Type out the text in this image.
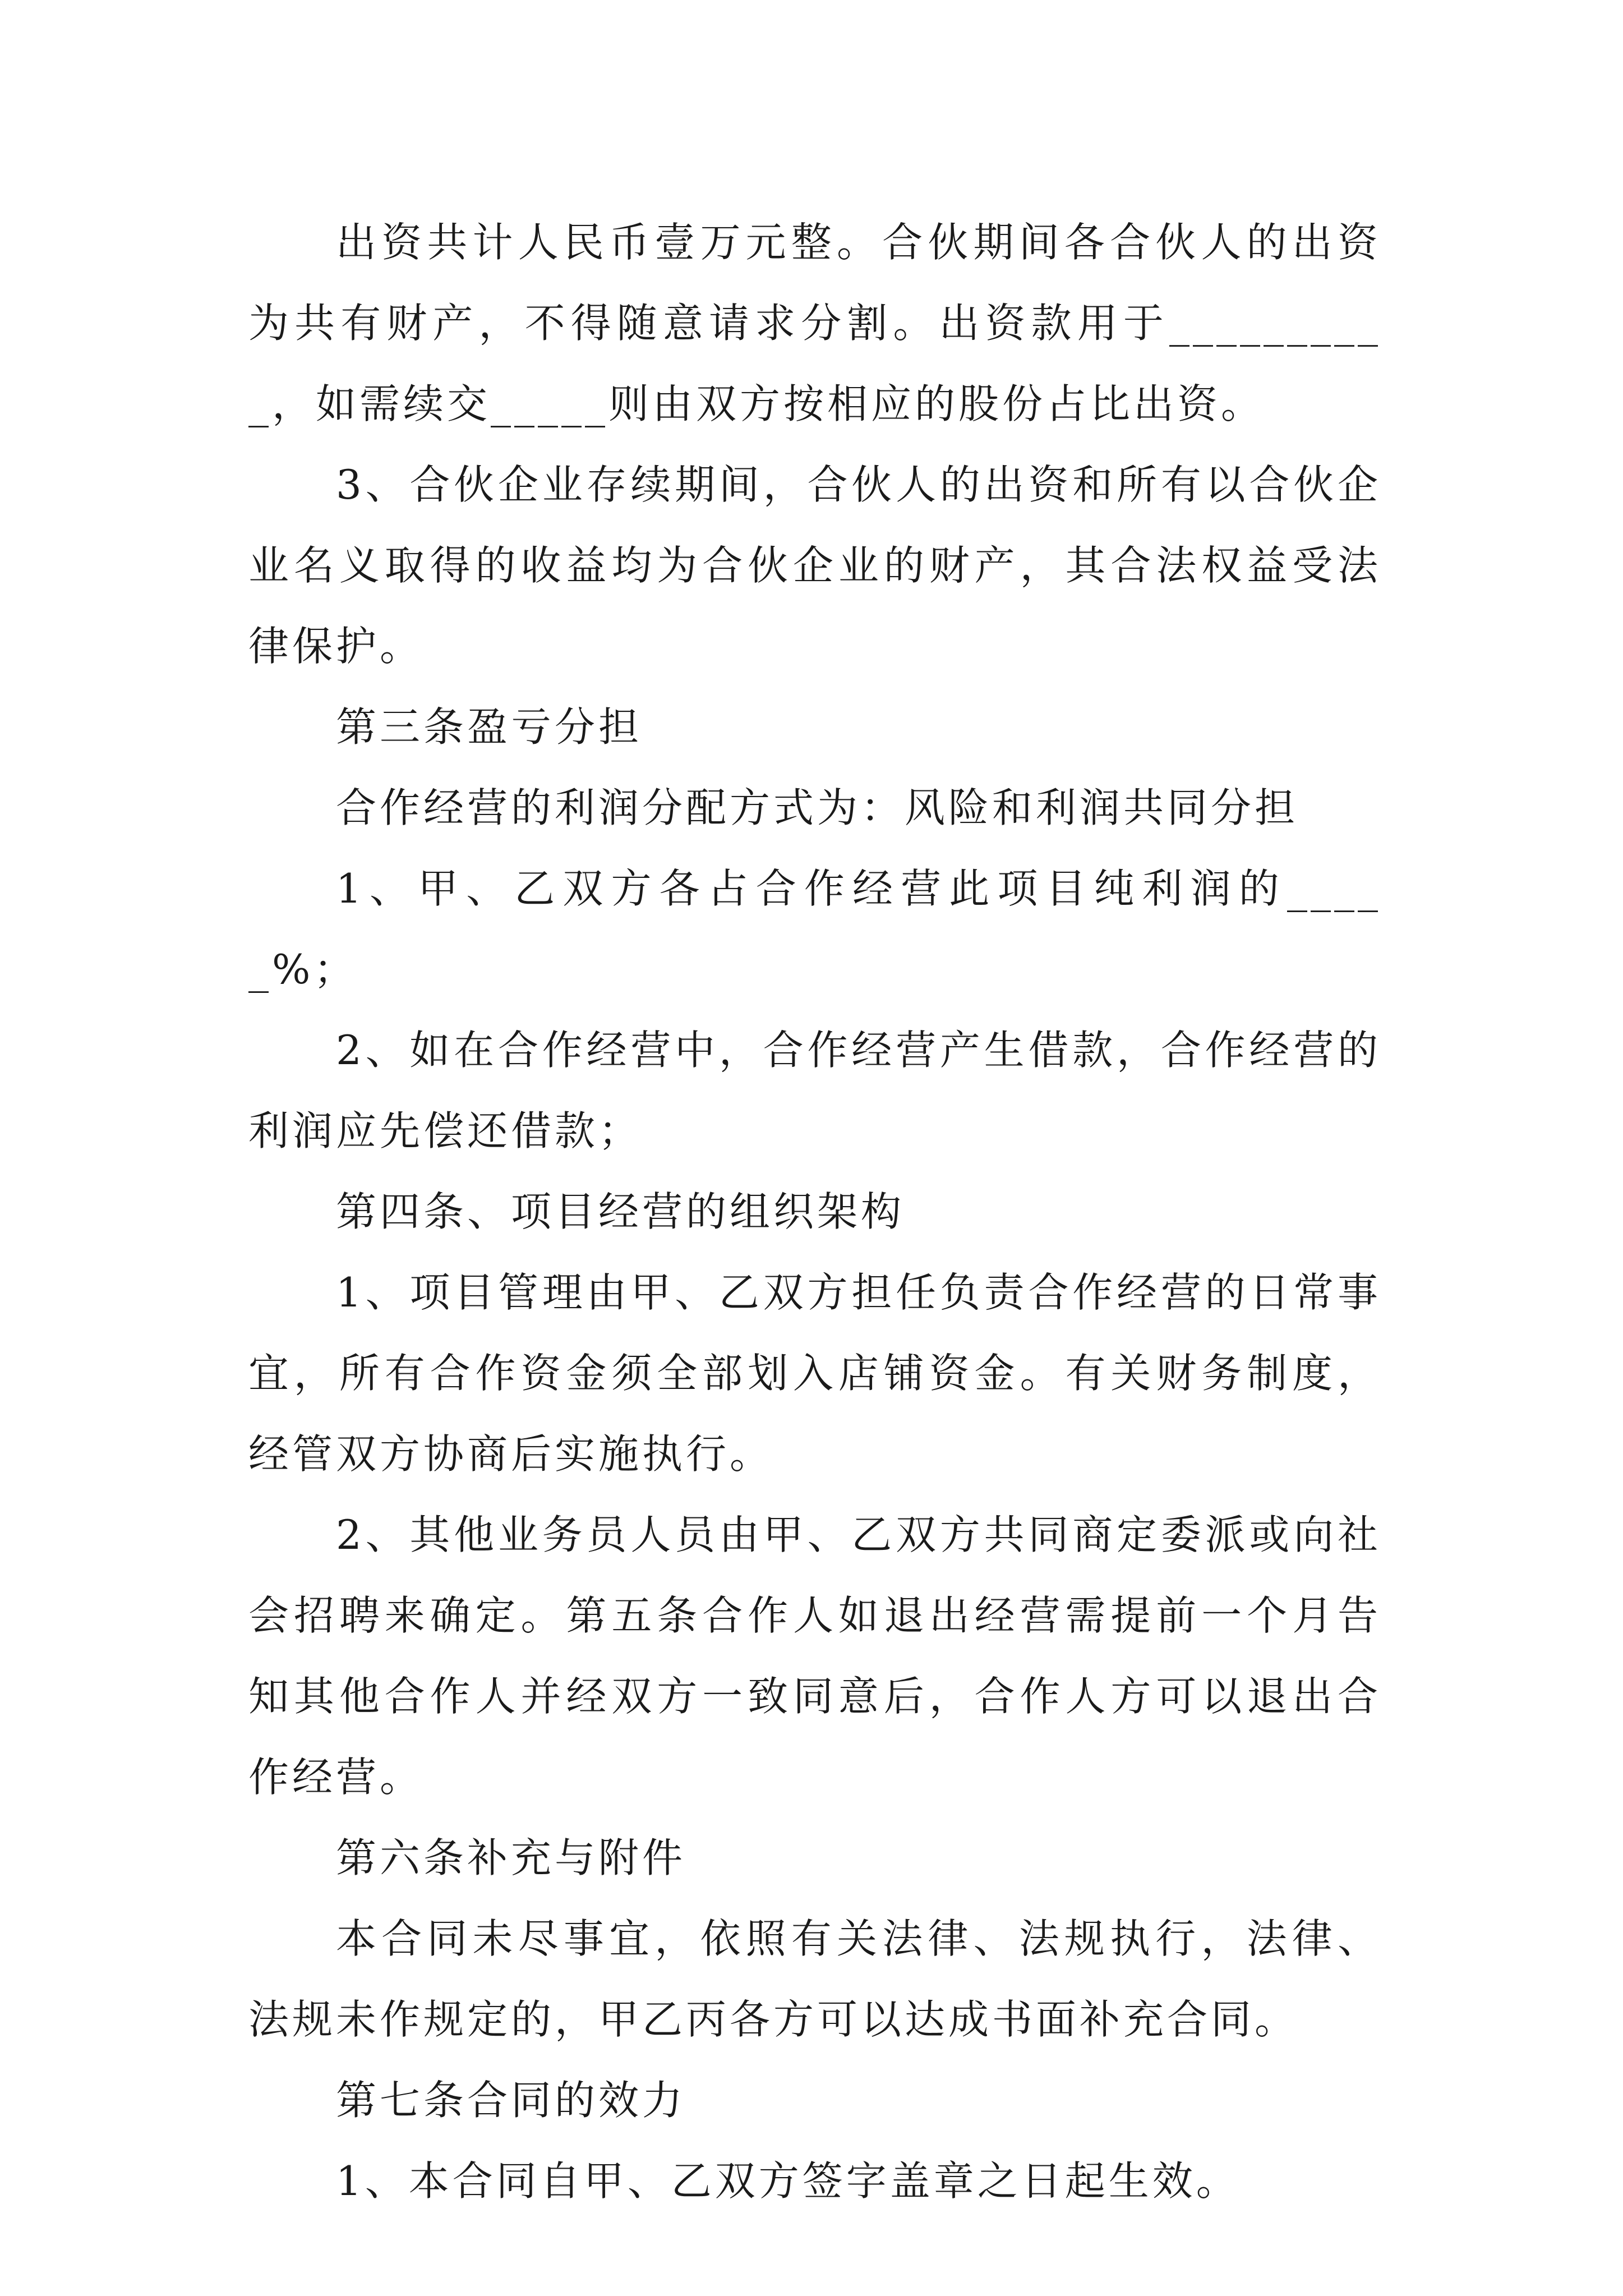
出资共计人民币壹万元整。合伙期间各合伙人的出资为共有财产，不得随意请求分割。出资款用于__________，如需续交_____则由双方按相应的股份占比出资。

3、合伙企业存续期间，合伙人的出资和所有以合伙企业名义取得的收益均为合伙企业的财产，其合法权益受法律保护。

第三条盈亏分担

合作经营的利润分配方式为：风险和利润共同分担

1、甲、乙双方各占合作经营此项目纯利润的_____%；

2、如在合作经营中，合作经营产生借款，合作经营的利润应先偿还借款；

第四条、项目经营的组织架构

1、项目管理由甲、乙双方担任负责合作经营的日常事宜，所有合作资金须全部划入店铺资金。有关财务制度，经管双方协商后实施执行。

2、其他业务员人员由甲、乙双方共同商定委派或向社会招聘来确定。第五条合作人如退出经营需提前一个月告知其他合作人并经双方一致同意后，合作人方可以退出合作经营。

第六条补充与附件

本合同未尽事宜，依照有关法律、法规执行，法律、法规未作规定的，甲乙丙各方可以达成书面补充合同。

第七条合同的效力

1、本合同自甲、乙双方签字盖章之日起生效。
